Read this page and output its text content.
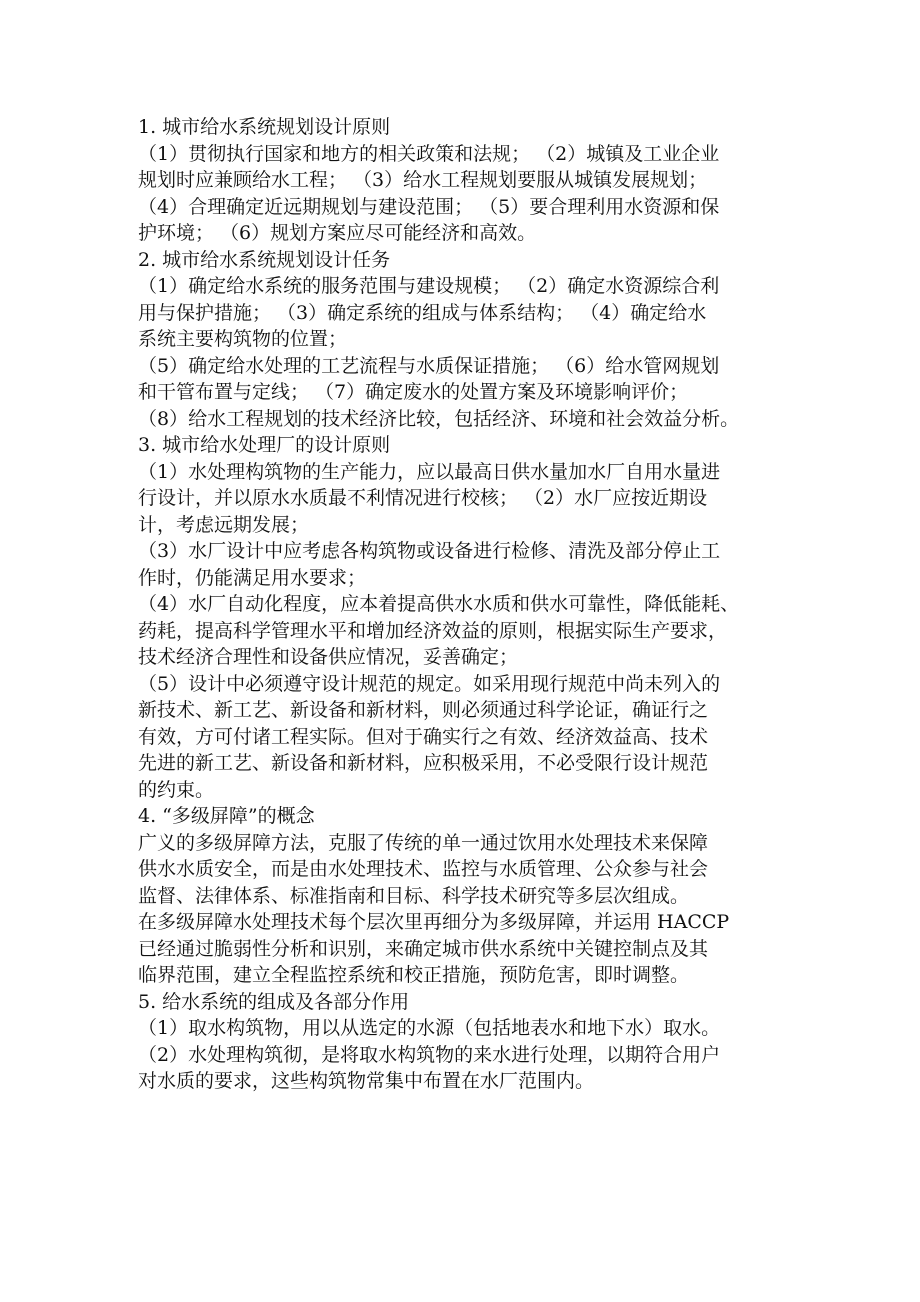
1. 城市给水系统规划设计原则
（1）贯彻执行国家和地方的相关政策和法规； （2）城镇及工业企业
规划时应兼顾给水工程； （3）给水工程规划要服从城镇发展规划；
（4）合理确定近远期规划与建设范围； （5）要合理利用水资源和保
护环境； （6）规划方案应尽可能经济和高效。
2. 城市给水系统规划设计任务
（1）确定给水系统的服务范围与建设规模； （2）确定水资源综合利
用与保护措施； （3）确定系统的组成与体系结构； （4）确定给水
系统主要构筑物的位置；
（5）确定给水处理的工艺流程与水质保证措施； （6）给水管网规划
和干管布置与定线； （7）确定废水的处置方案及环境影响评价；
（8）给水工程规划的技术经济比较，包括经济、环境和社会效益分析。
3. 城市给水处理厂的设计原则
（1）水处理构筑物的生产能力，应以最高日供水量加水厂自用水量进
行设计，并以原水水质最不利情况进行校核； （2）水厂应按近期设
计，考虑远期发展；
（3）水厂设计中应考虑各构筑物或设备进行检修、清洗及部分停止工
作时，仍能满足用水要求；
（4）水厂自动化程度，应本着提高供水水质和供水可靠性，降低能耗、
药耗，提高科学管理水平和增加经济效益的原则，根据实际生产要求，
技术经济合理性和设备供应情况，妥善确定；
（5）设计中必须遵守设计规范的规定。如采用现行规范中尚未列入的
新技术、新工艺、新设备和新材料，则必须通过科学论证，确证行之
有效，方可付诸工程实际。但对于确实行之有效、经济效益高、技术
先进的新工艺、新设备和新材料，应积极采用，不必受限行设计规范
的约束。
4. “多级屏障”的概念
广义的多级屏障方法，克服了传统的单一通过饮用水处理技术来保障
供水水质安全，而是由水处理技术、监控与水质管理、公众参与社会
监督、法律体系、标准指南和目标、科学技术研究等多层次组成。
在多级屏障水处理技术每个层次里再细分为多级屏障，并运用 HACCP
已经通过脆弱性分析和识别，来确定城市供水系统中关键控制点及其
临界范围，建立全程监控系统和校正措施，预防危害，即时调整。
5. 给水系统的组成及各部分作用
（1）取水构筑物，用以从选定的水源（包括地表水和地下水）取水。
（2）水处理构筑彻，是将取水构筑物的来水进行处理，以期符合用户
对水质的要求，这些构筑物常集中布置在水厂范围内。
